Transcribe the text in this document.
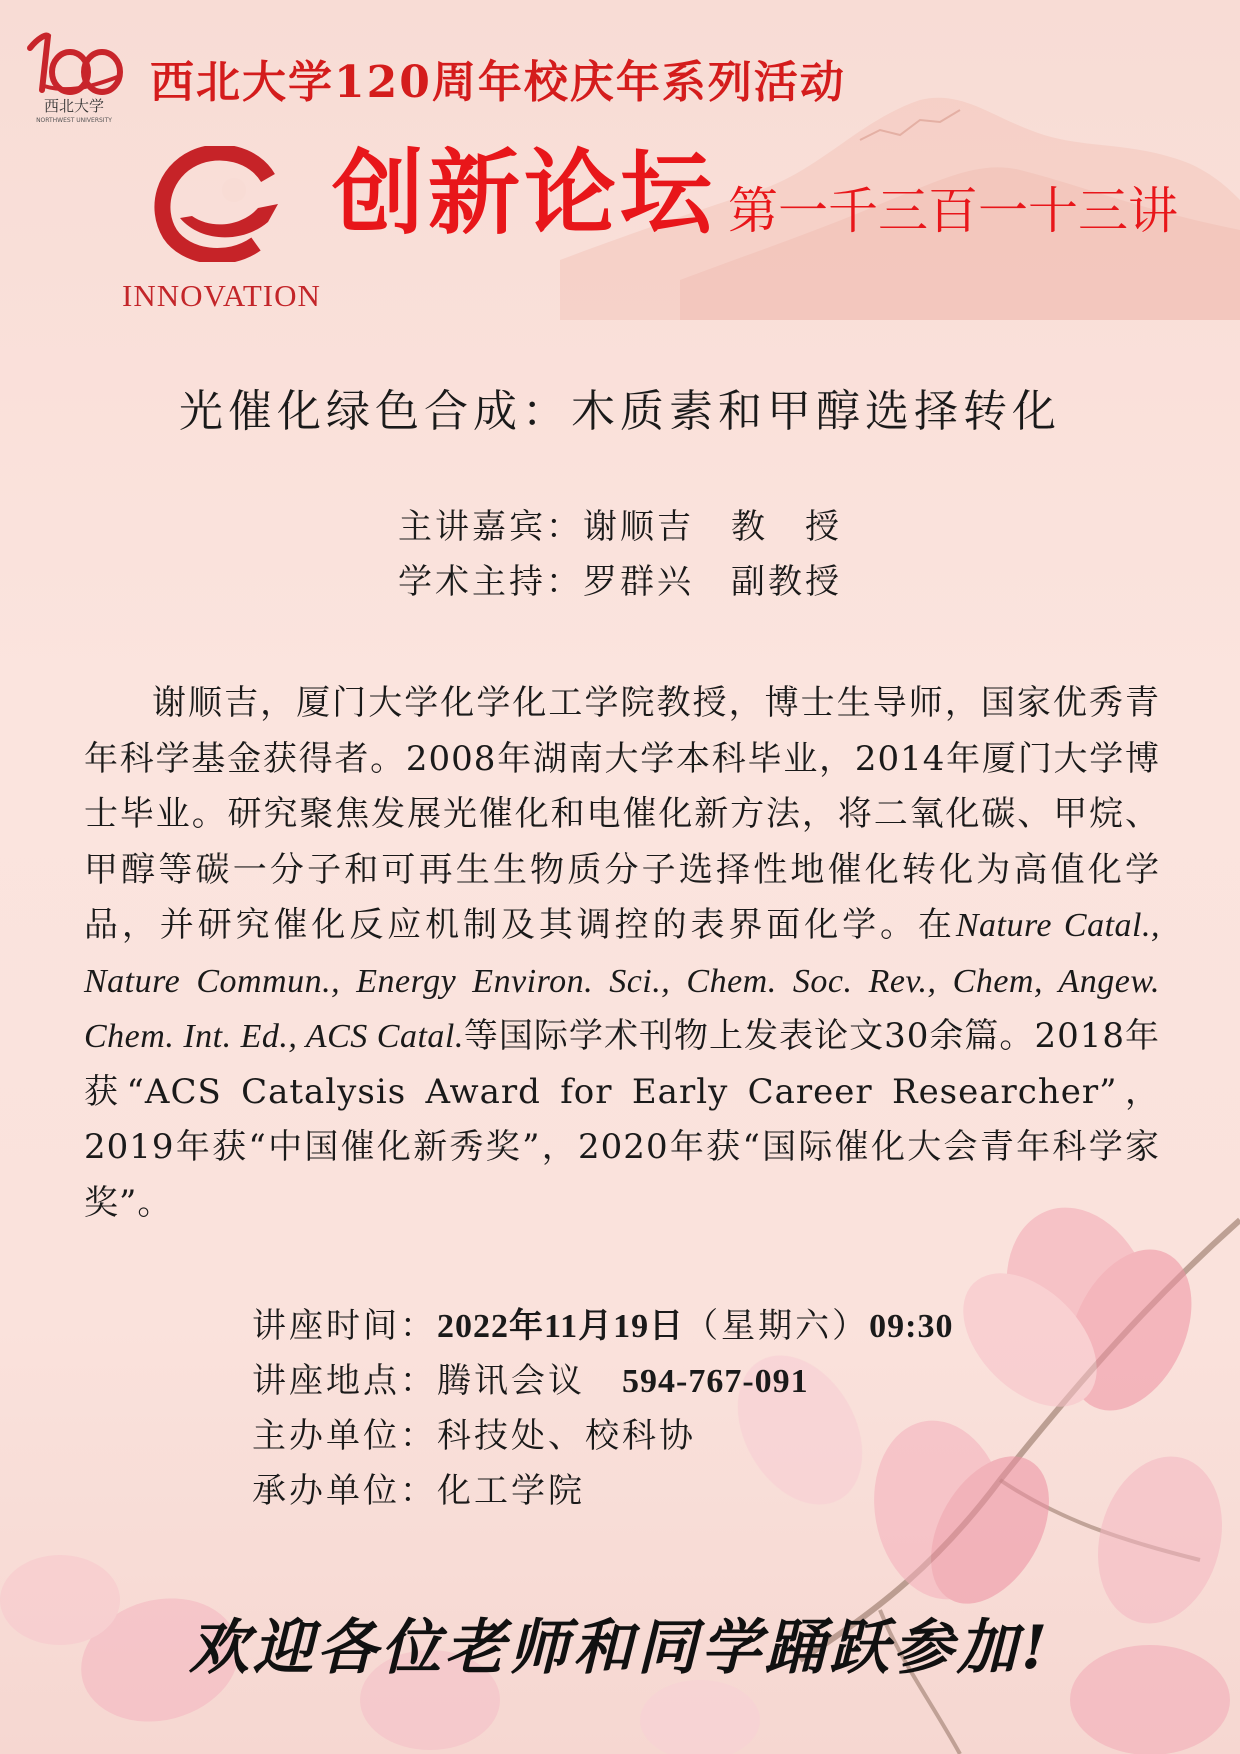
西北大学
NORTHWEST UNIVERSITY
西北大学120周年校庆年系列活动
INNOVATION
创新论坛 第一千三百一十三讲
光催化绿色合成：木质素和甲醇选择转化
主讲嘉宾：谢顺吉　 教　授
学术主持：罗群兴　 副教授

谢顺吉，厦门大学化学化工学院教授，博士生导师，国家优秀青年科学基金获得者。2008年湖南大学本科毕业，2014年厦门大学博士毕业。研究聚焦发展光催化和电催化新方法，将二氧化碳、甲烷、甲醇等碳一分子和可再生生物质分子选择性地催化转化为高值化学品，并研究催化反应机制及其调控的表界面化学。在Nature Catal., Nature Commun., Energy Environ. Sci., Chem. Soc. Rev., Chem, Angew. Chem. Int. Ed., ACS Catal.等国际学术刊物上发表论文30余篇。2018年获“ACS Catalysis Award for Early Career Researcher”，2019年获“中国催化新秀奖”，2020年获“国际催化大会青年科学家奖”。

讲座时间：2022年11月19日（星期六）09:30
讲座地点：腾讯会议　 594-767-091
主办单位：科技处、校科协
承办单位：化工学院
欢迎各位老师和同学踊跃参加!
